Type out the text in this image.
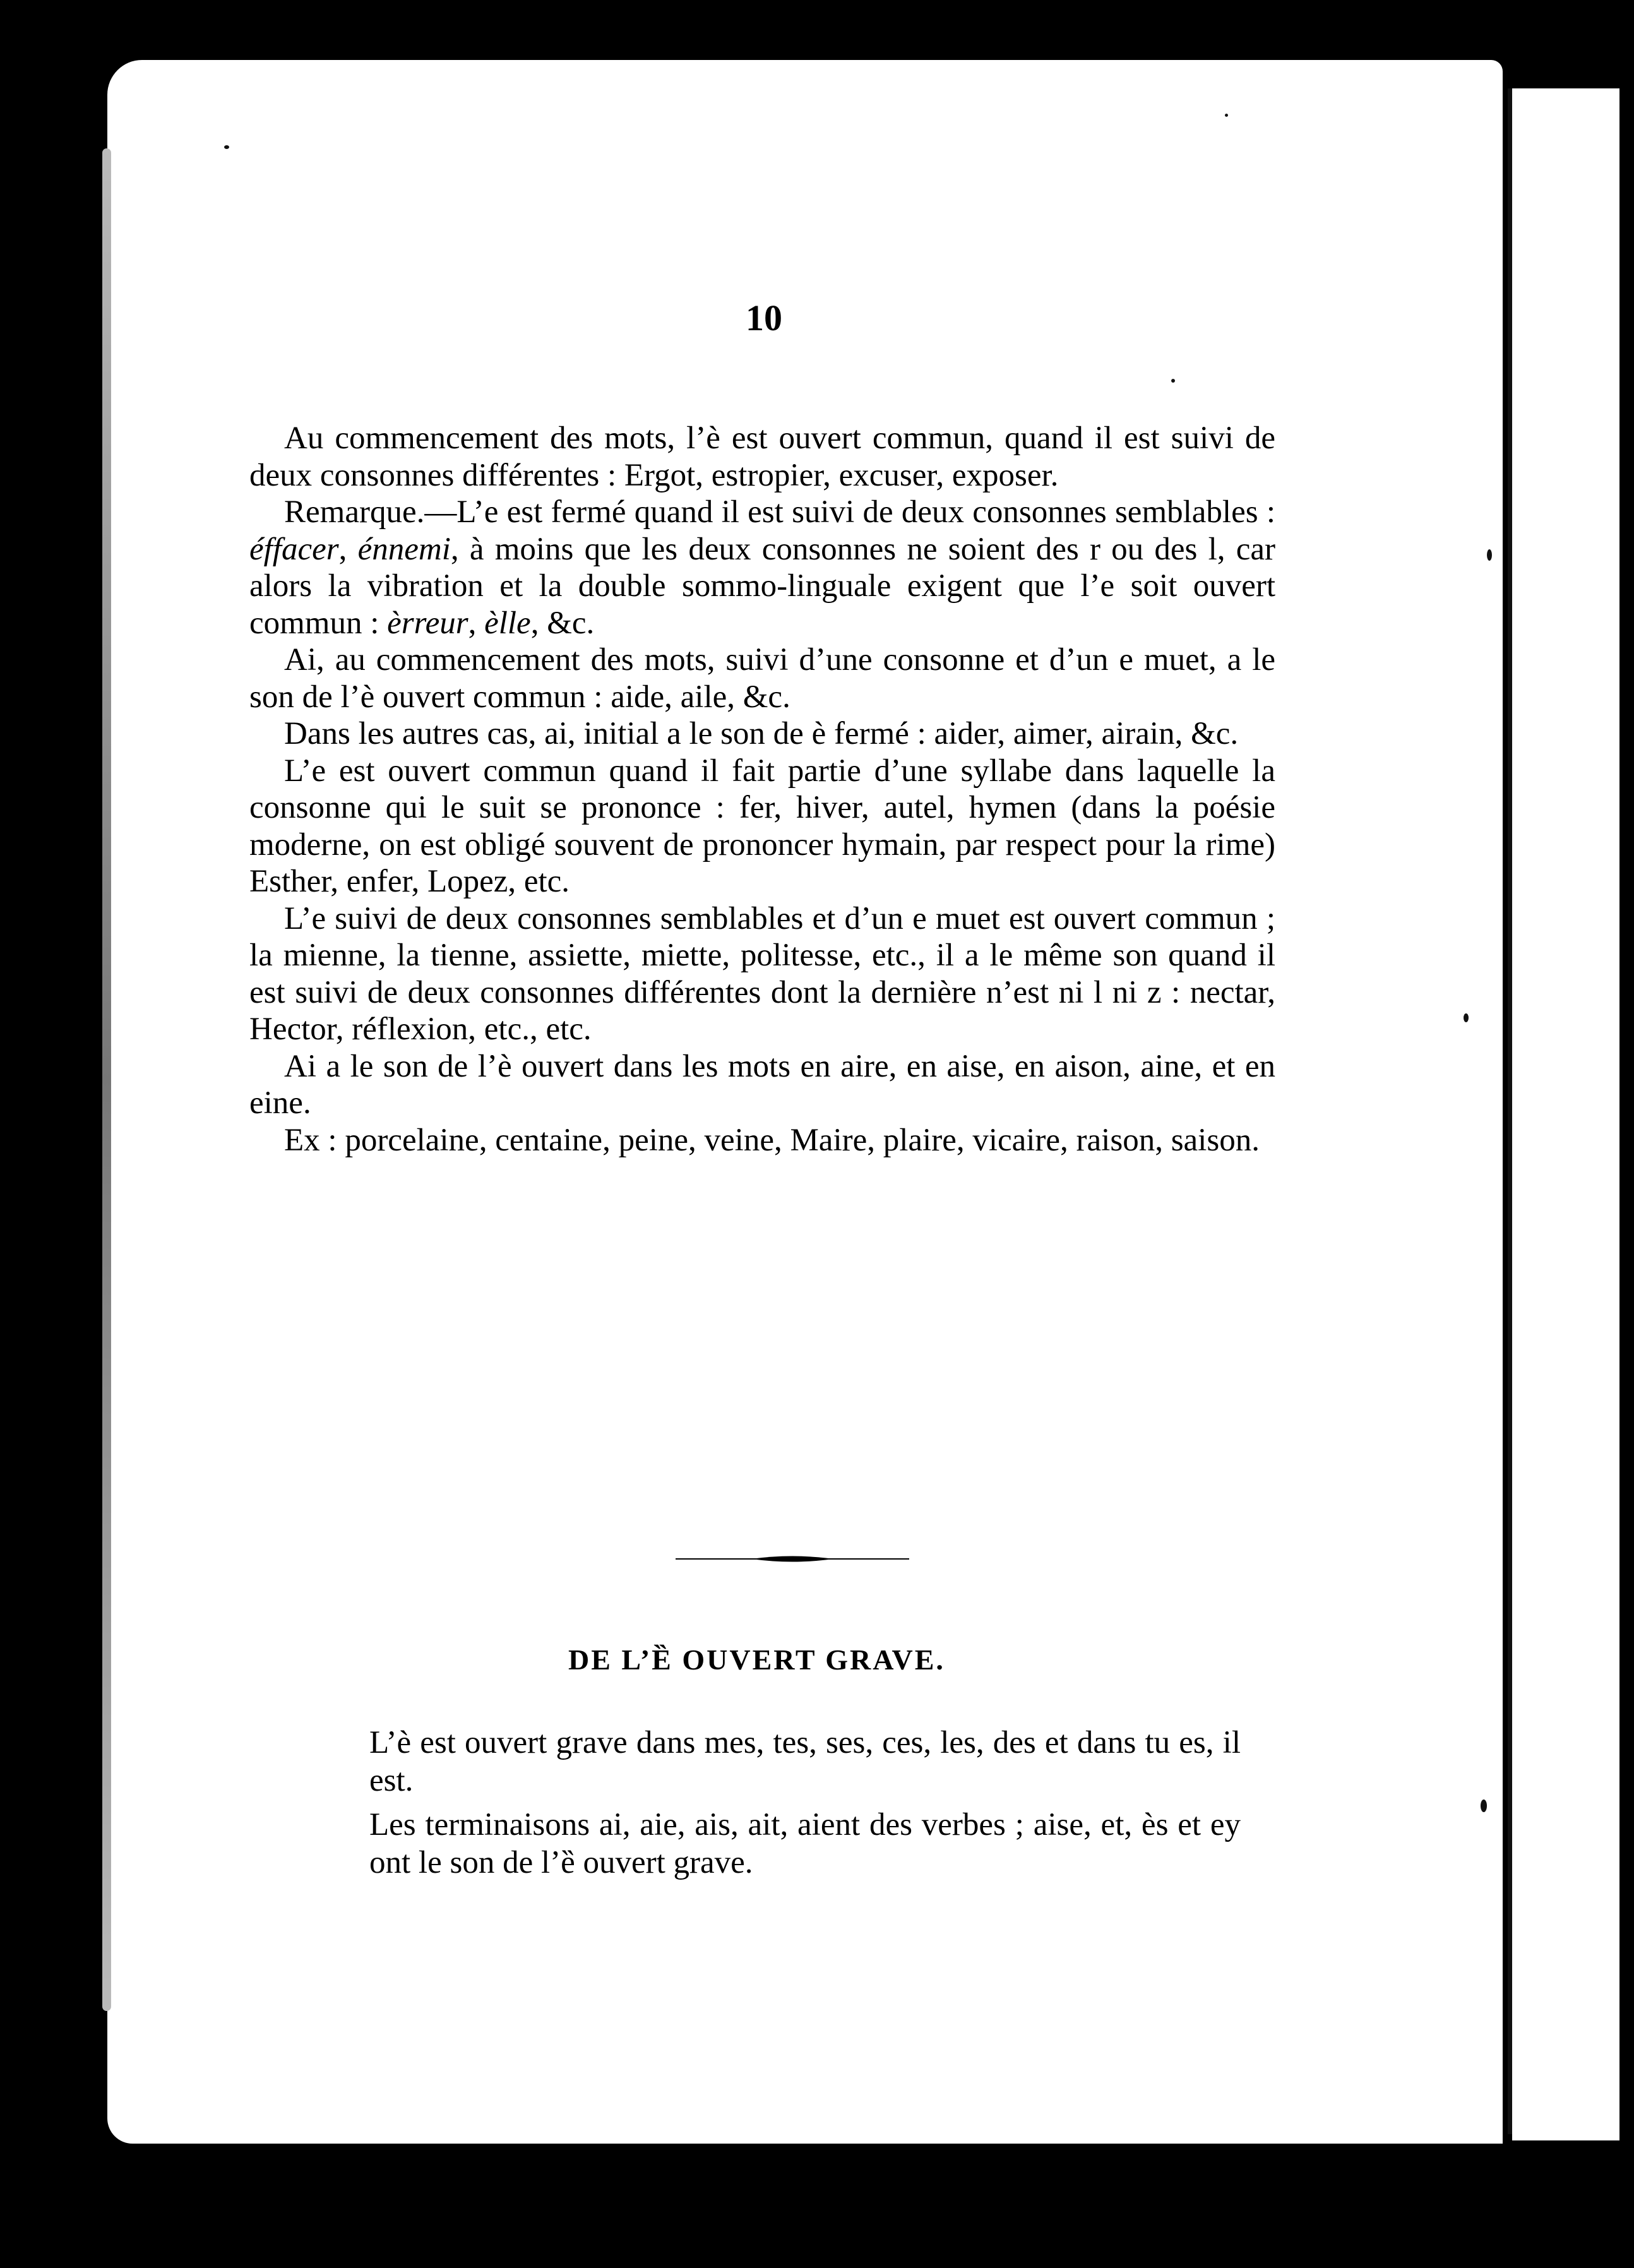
10

Au commencement des mots, l’è est ouvert commun, quand il est suivi de deux consonnes différentes : Ergot, estropier, excuser, exposer.

Remarque.—L’e est fermé quand il est suivi de deux consonnes semblables : éffacer, énnemi, à moins que les deux consonnes ne soient des r ou des l, car alors la vibration et la double sommo-linguale exigent que l’e soit ouvert commun : èrreur, èlle, &c.

Ai, au commencement des mots, suivi d’une consonne et d’un e muet, a le son de l’è ouvert commun : aide, aile, &c.

Dans les autres cas, ai, initial a le son de è fermé : aider, aimer, airain, &c.

L’e est ouvert commun quand il fait partie d’une syllabe dans laquelle la consonne qui le suit se prononce : fer, hiver, autel, hymen (dans la poésie moderne, on est obligé souvent de prononcer hymain, par respect pour la rime) Esther, enfer, Lopez, etc.

L’e suivi de deux consonnes semblables et d’un e muet est ouvert commun ; la mienne, la tienne, assiette, miette, politesse, etc., il a le même son quand il est suivi de deux consonnes différentes dont la dernière n’est ni l ni z : nectar, Hector, réflexion, etc., etc.

Ai a le son de l’è ouvert dans les mots en aire, en aise, en aison, aine, et en eine.

Ex : porcelaine, centaine, peine, veine, Maire, plaire, vicaire, raison, saison.

DE L’Ȅ OUVERT GRAVE.

L’è est ouvert grave dans mes, tes, ses, ces, les, des et dans tu es, il est.

Les terminaisons ai, aie, ais, ait, aient des verbes ; aise, et, ès et ey ont le son de l’ȅ ouvert grave.
